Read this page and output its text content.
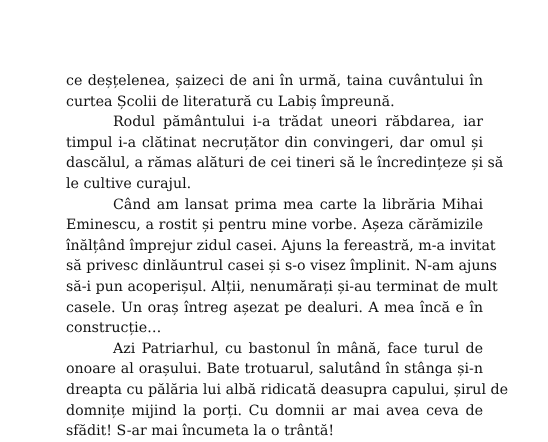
ce deșțelenea, șaizeci de ani în urmă, taina cuvântului în
curtea Școlii de literatură cu Labiș împreună.

Rodul pământului i-a trădat uneori răbdarea, iar
timpul i-a clătinat necruțător din convingeri, dar omul și
dascălul, a rămas alături de cei tineri să le încredințeze și să
le cultive curajul.

Când am lansat prima mea carte la librăria Mihai
Eminescu, a rostit și pentru mine vorbe. Așeza cărămizile
înălțând împrejur zidul casei. Ajuns la fereastră, m-a invitat
să privesc dinlăuntrul casei și s-o visez împlinit. N-am ajuns
să-i pun acoperișul. Alții, nenumărați și-au terminat de mult
casele. Un oraș întreg așezat pe dealuri. A mea încă e în
construcție…

Azi Patriarhul, cu bastonul în mână, face turul de
onoare al orașului. Bate trotuarul, salutând în stânga și-n
dreapta cu pălăria lui albă ridicată deasupra capului, șirul de
domnițe mijind la porți. Cu domnii ar mai avea ceva de
sfădit! S-ar mai încumeta la o trântă!
